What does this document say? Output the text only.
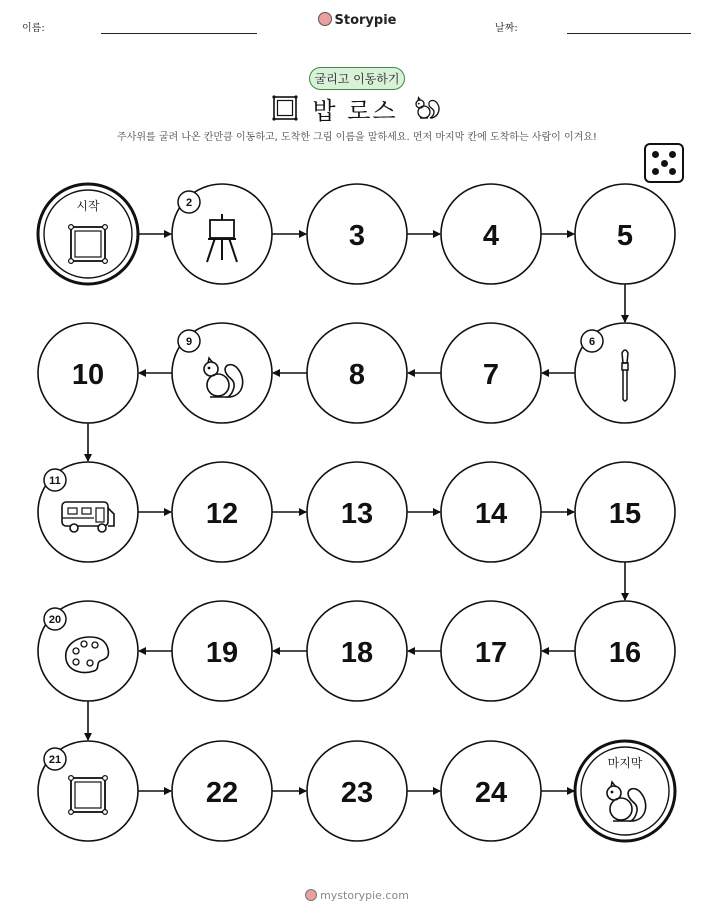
이름:
Storypie
날짜:
굴리고 이동하기
밥 로스
주사위를 굴려 나온 칸만큼 이동하고, 도착한 그림 이름을 말하세요. 먼저 마지막 칸에 도착하는 사람이 이겨요!
시작	2
3	4	5
6
7
8
9
10
11
12	13	14	15
16
17
18
19
20
21
22	23	24
마지막
mystorypie.com
